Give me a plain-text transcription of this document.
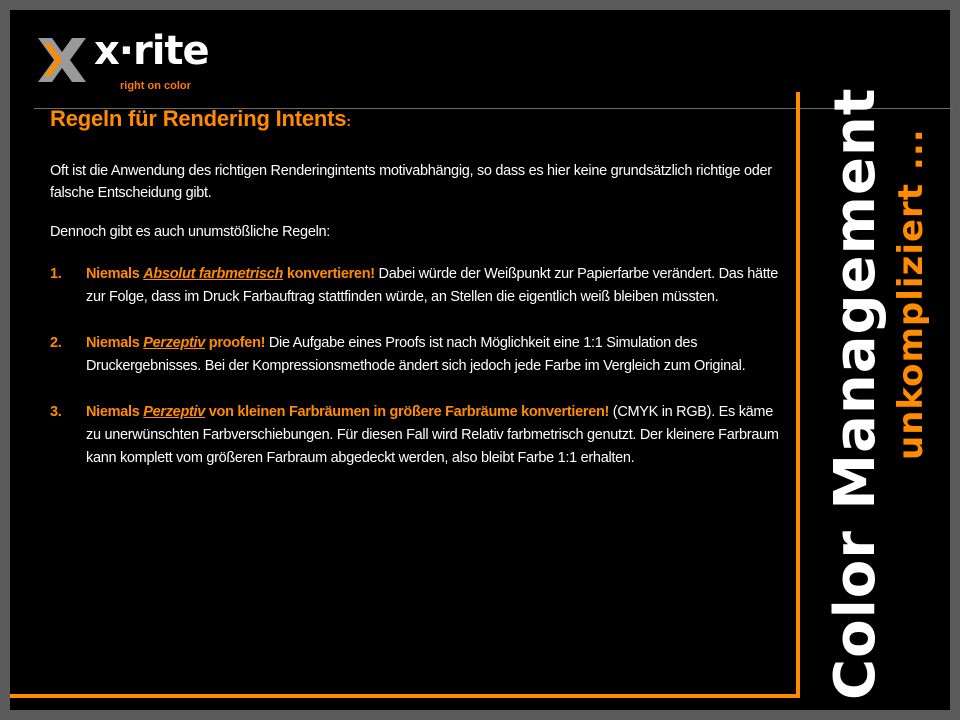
x·rite
right on color
Regeln für Rendering Intents:

Oft ist die Anwendung des richtigen Renderingintents motivabhängig, so dass es hier keine grundsätzlich richtige oder falsche Entscheidung gibt.

Dennoch gibt es auch unumstößliche Regeln:

1. Niemals Absolut farbmetrisch konvertieren! Dabei würde der Weißpunkt zur Papierfarbe verändert. Das hätte zur Folge, dass im Druck Farbauftrag stattfinden würde, an Stellen die eigentlich weiß bleiben müssten.
2. Niemals Perzeptiv proofen! Die Aufgabe eines Proofs ist nach Möglichkeit eine 1:1 Simulation des Druckergebnisses. Bei der Kompressionsmethode ändert sich jedoch jede Farbe im Vergleich zum Original.
3. Niemals Perzeptiv von kleinen Farbräumen in größere Farbräume konvertieren! (CMYK in RGB). Es käme zu unerwünschten Farbverschiebungen. Für diesen Fall wird Relativ farbmetrisch genutzt. Der kleinere Farbraum kann komplett vom größeren Farbraum abgedeckt werden, also bleibt Farbe 1:1 erhalten.	Color Management unkompliziert ...
